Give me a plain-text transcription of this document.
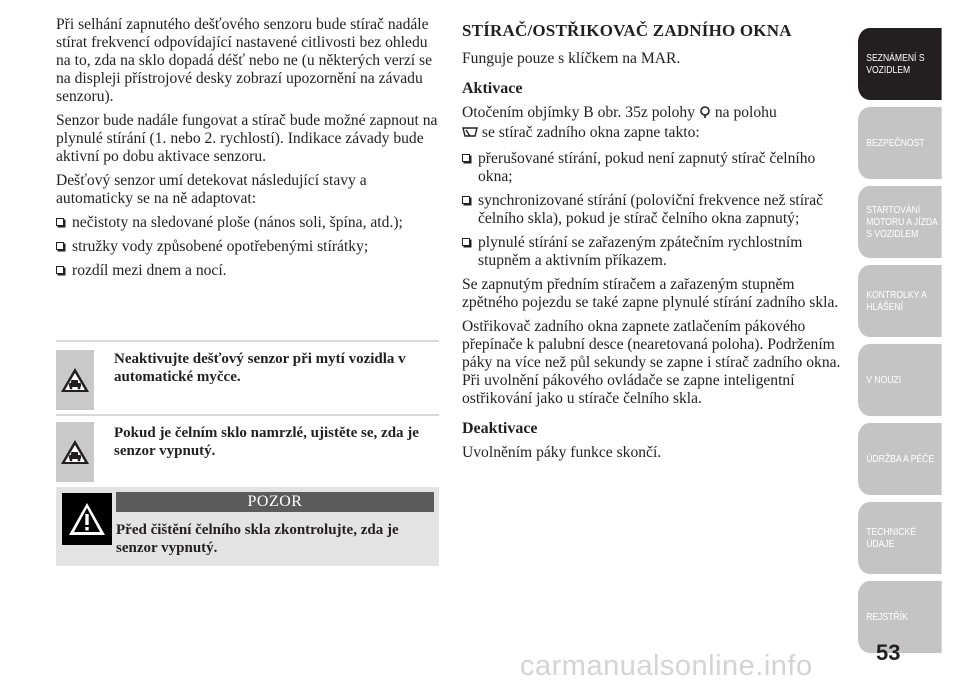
Při selhání zapnutého dešťového senzoru bude stírač nadále stírat frekvencí odpovídající nastavené citlivosti bez ohledu na to, zda na sklo dopadá déšť nebo ne (u některých verzí se na displeji přístrojové desky zobrazí upozornění na závadu senzoru).

Senzor bude nadále fungovat a stírač bude možné zapnout na plynulé stírání (1. nebo 2. rychlostí). Indikace závady bude aktivní po dobu aktivace senzoru.

Dešťový senzor umí detekovat následující stavy a automaticky se na ně adaptovat:

nečistoty na sledované ploše (nános soli, špína, atd.);
stružky vody způsobené opotřebenými stírátky;
rozdíl mezi dnem a nocí.
Neaktivujte dešťový senzor při mytí vozidla v automatické myčce.
Pokud je čelním sklo namrzlé, ujistěte se, zda je senzor vypnutý.
POZOR
Před čištění čelního skla zkontrolujte, zda je senzor vypnutý.
STÍRAČ/OSTŘIKOVAČ ZADNÍHO OKNA

Funguje pouze s klíčkem na MAR.

Aktivace

Otočením objímky B obr. 35z polohy na polohu
se stírač zadního okna zapne takto:

přerušované stírání, pokud není zapnutý stírač čelního okna;
synchronizované stírání (poloviční frekvence než stírač čelního skla), pokud je stírač čelního okna zapnutý;
plynulé stírání se zařazeným zpátečním rychlostním stupněm a aktivním příkazem.

Se zapnutým předním stíračem a zařazeným stupněm zpětného pojezdu se také zapne plynulé stírání zadního skla.

Ostřikovač zadního okna zapnete zatlačením pákového přepínače k palubní desce (nearetovaná poloha). Podržením páky na více než půl sekundy se zapne i stírač zadního okna. Při uvolnění pákového ovládače se zapne inteligentní ostřikování jako u stírače čelního skla.

Deaktivace

Uvolněním páky funkce skončí.

SEZNÁMENÍ S VOZIDLEM
BEZPEČNOST
STARTOVÁNÍ MOTORU A JÍZDA S VOZIDLEM
KONTROLKY A HLÁŠENÍ
V NOUZI
ÚDRŽBA A PÉČE
TECHNICKÉ ÚDAJE
REJSTŘÍK
53
carmanualsonline.info
